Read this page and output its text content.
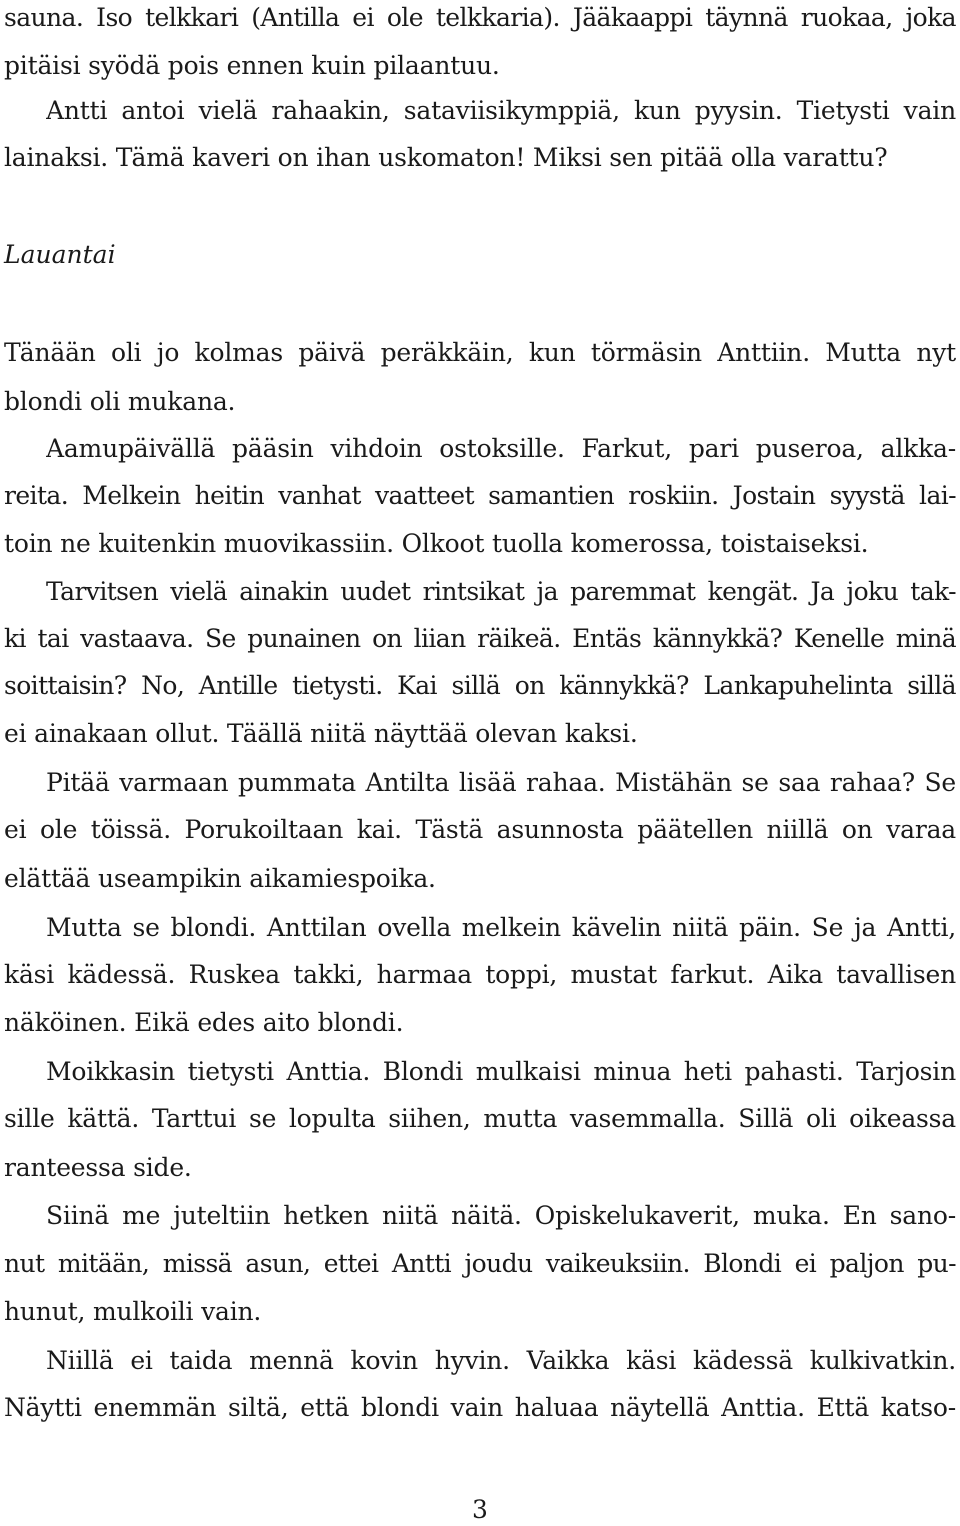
sauna. Iso telkkari (Antilla ei ole telkkaria). Jääkaappi täynnä ruokaa, joka

pitäisi syödä pois ennen kuin pilaantuu.

Antti antoi vielä rahaakin, sataviisikymppiä, kun pyysin. Tietysti vain

lainaksi. Tämä kaveri on ihan uskomaton! Miksi sen pitää olla varattu?

Lauantai

Tänään oli jo kolmas päivä peräkkäin, kun törmäsin Anttiin. Mutta nyt

blondi oli mukana.

Aamupäivällä pääsin vihdoin ostoksille. Farkut, pari puseroa, alkka-

reita. Melkein heitin vanhat vaatteet samantien roskiin. Jostain syystä lai-

toin ne kuitenkin muovikassiin. Olkoot tuolla komerossa, toistaiseksi.

Tarvitsen vielä ainakin uudet rintsikat ja paremmat kengät. Ja joku tak-

ki tai vastaava. Se punainen on liian räikeä. Entäs kännykkä? Kenelle minä

soittaisin? No, Antille tietysti. Kai sillä on kännykkä? Lankapuhelinta sillä

ei ainakaan ollut. Täällä niitä näyttää olevan kaksi.

Pitää varmaan pummata Antilta lisää rahaa. Mistähän se saa rahaa? Se

ei ole töissä. Porukoiltaan kai. Tästä asunnosta päätellen niillä on varaa

elättää useampikin aikamiespoika.

Mutta se blondi. Anttilan ovella melkein kävelin niitä päin. Se ja Antti,

käsi kädessä. Ruskea takki, harmaa toppi, mustat farkut. Aika tavallisen

näköinen. Eikä edes aito blondi.

Moikkasin tietysti Anttia. Blondi mulkaisi minua heti pahasti. Tarjosin

sille kättä. Tarttui se lopulta siihen, mutta vasemmalla. Sillä oli oikeassa

ranteessa side.

Siinä me juteltiin hetken niitä näitä. Opiskelukaverit, muka. En sano-

nut mitään, missä asun, ettei Antti joudu vaikeuksiin. Blondi ei paljon pu-

hunut, mulkoili vain.

Niillä ei taida mennä kovin hyvin. Vaikka käsi kädessä kulkivatkin.

Näytti enemmän siltä, että blondi vain haluaa näytellä Anttia. Että katso-

3
